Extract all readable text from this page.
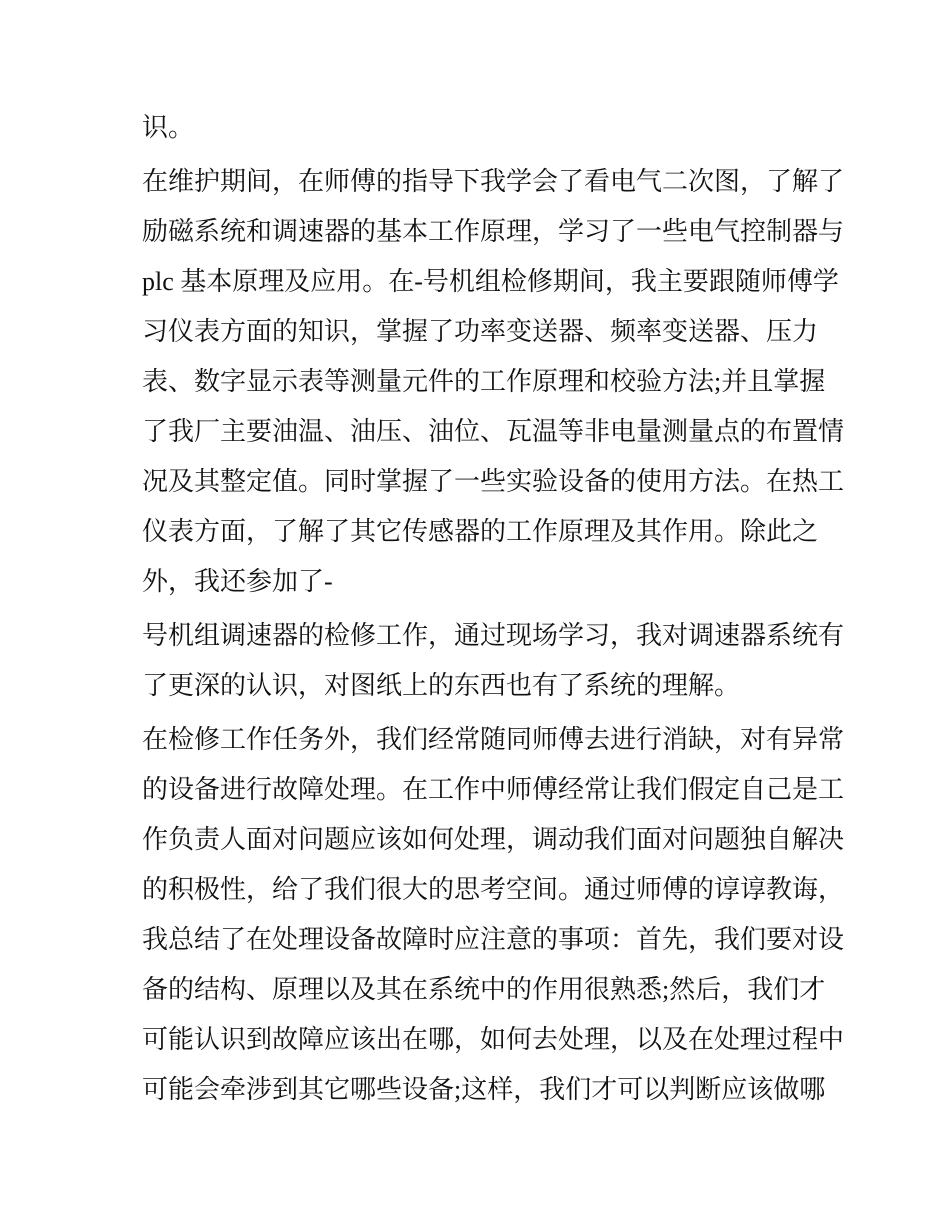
识。
在维护期间，在师傅的指导下我学会了看电气二次图，了解了
励磁系统和调速器的基本工作原理，学习了一些电气控制器与
plc 基本原理及应用。在-号机组检修期间，我主要跟随师傅学
习仪表方面的知识，掌握了功率变送器、频率变送器、压力
表、数字显示表等测量元件的工作原理和校验方法;并且掌握
了我厂主要油温、油压、油位、瓦温等非电量测量点的布置情
况及其整定值。同时掌握了一些实验设备的使用方法。在热工
仪表方面，了解了其它传感器的工作原理及其作用。除此之
外，我还参加了-
号机组调速器的检修工作，通过现场学习，我对调速器系统有
了更深的认识，对图纸上的东西也有了系统的理解。
在检修工作任务外，我们经常随同师傅去进行消缺，对有异常
的设备进行故障处理。在工作中师傅经常让我们假定自己是工
作负责人面对问题应该如何处理，调动我们面对问题独自解决
的积极性，给了我们很大的思考空间。通过师傅的谆谆教诲，
我总结了在处理设备故障时应注意的事项：首先，我们要对设
备的结构、原理以及其在系统中的作用很熟悉;然后，我们才
可能认识到故障应该出在哪，如何去处理，以及在处理过程中
可能会牵涉到其它哪些设备;这样，我们才可以判断应该做哪
